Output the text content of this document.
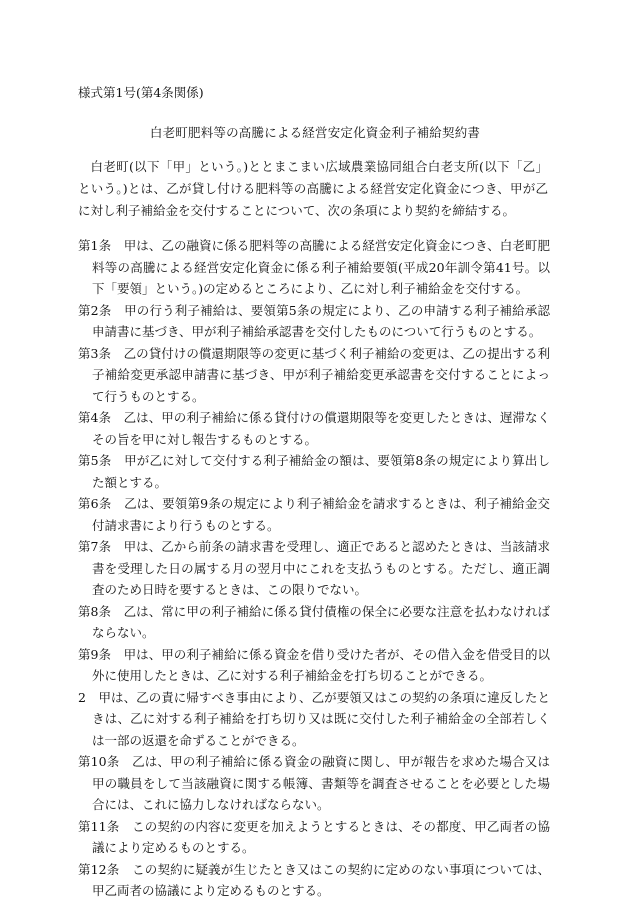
様式第1号(第4条関係)
白老町肥料等の高騰による経営安定化資金利子補給契約書
白老町(以下「甲」という。)ととまこまい広域農業協同組合白老支所(以下「乙」という。)とは、乙が貸し付ける肥料等の高騰による経営安定化資金につき、甲が乙に対し利子補給金を交付することについて、次の条項により契約を締結する。

第1条 甲は、乙の融資に係る肥料等の高騰による経営安定化資金につき、白老町肥料等の高騰による経営安定化資金に係る利子補給要領(平成20年訓令第41号。以下「要領」という。)の定めるところにより、乙に対し利子補給金を交付する。

第2条 甲の行う利子補給は、要領第5条の規定により、乙の申請する利子補給承認申請書に基づき、甲が利子補給承認書を交付したものについて行うものとする。

第3条 乙の貸付けの償還期限等の変更に基づく利子補給の変更は、乙の提出する利子補給変更承認申請書に基づき、甲が利子補給変更承認書を交付することによって行うものとする。

第4条 乙は、甲の利子補給に係る貸付けの償還期限等を変更したときは、遅滞なくその旨を甲に対し報告するものとする。

第5条 甲が乙に対して交付する利子補給金の額は、要領第8条の規定により算出した額とする。

第6条 乙は、要領第9条の規定により利子補給金を請求するときは、利子補給金交付請求書により行うものとする。

第7条 甲は、乙から前条の請求書を受理し、適正であると認めたときは、当該請求書を受理した日の属する月の翌月中にこれを支払うものとする。ただし、適正調査のため日時を要するときは、この限りでない。

第8条 乙は、常に甲の利子補給に係る貸付債権の保全に必要な注意を払わなければならない。

第9条 甲は、甲の利子補給に係る資金を借り受けた者が、その借入金を借受目的以外に使用したときは、乙に対する利子補給金を打ち切ることができる。

2 甲は、乙の責に帰すべき事由により、乙が要領又はこの契約の条項に違反したときは、乙に対する利子補給を打ち切り又は既に交付した利子補給金の全部若しくは一部の返還を命ずることができる。

第10条 乙は、甲の利子補給に係る資金の融資に関し、甲が報告を求めた場合又は甲の職員をして当該融資に関する帳簿、書類等を調査させることを必要とした場合には、これに協力しなければならない。

第11条 この契約の内容に変更を加えようとするときは、その都度、甲乙両者の協議により定めるものとする。

第12条 この契約に疑義が生じたとき又はこの契約に定めのない事項については、甲乙両者の協議により定めるものとする。
